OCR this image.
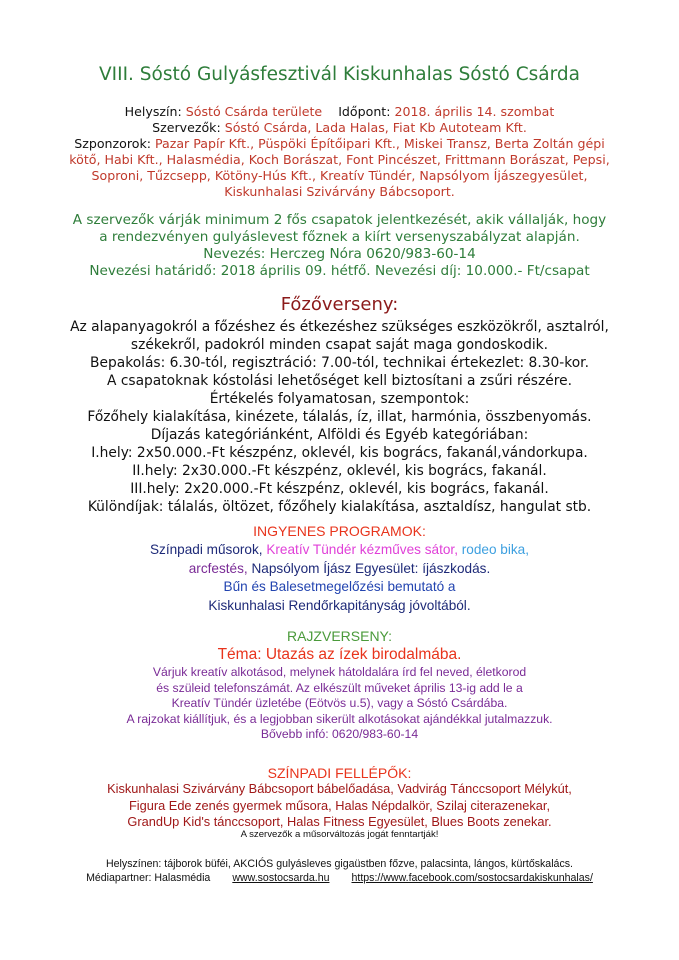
VIII. Sóstó Gulyásfesztivál Kiskunhalas Sóstó Csárda
Helyszín: Sóstó Csárda területe Időpont: 2018. április 14. szombat
Szervezők: Sóstó Csárda, Lada Halas, Fiat Kb Autoteam Kft.
Szponzorok: Pazar Papír Kft., Püspöki Építőipari Kft., Miskei Transz, Berta Zoltán gépi
kötő, Habi Kft., Halasmédia, Koch Borászat, Font Pincészet, Frittmann Borászat, Pepsi,
Soproni, Tűzcsepp, Kötöny-Hús Kft., Kreatív Tündér, Napsólyom Íjászegyesület,
Kiskunhalasi Szivárvány Bábcsoport.
A szervezők várják minimum 2 fős csapatok jelentkezését, akik vállalják, hogy
a rendezvényen gulyáslevest főznek a kiírt versenyszabályzat alapján.
Nevezés: Herczeg Nóra 0620/983-60-14
Nevezési határidő: 2018 április 09. hétfő. Nevezési díj: 10.000.- Ft/csapat
Főzőverseny:
Az alapanyagokról a főzéshez és étkezéshez szükséges eszközökről, asztalról,
székekről, padokról minden csapat saját maga gondoskodik.
Bepakolás: 6.30-tól, regisztráció: 7.00-tól, technikai értekezlet: 8.30-kor.
A csapatoknak kóstolási lehetőséget kell biztosítani a zsűri részére.
Értékelés folyamatosan, szempontok:
Főzőhely kialakítása, kinézete, tálalás, íz, illat, harmónia, összbenyomás.
Díjazás kategóriánként, Alföldi és Egyéb kategóriában:
I.hely: 2x50.000.-Ft készpénz, oklevél, kis bogrács, fakanál,vándorkupa.
II.hely: 2x30.000.-Ft készpénz, oklevél, kis bogrács, fakanál.
III.hely: 2x20.000.-Ft készpénz, oklevél, kis bogrács, fakanál.
Különdíjak: tálalás, öltözet, főzőhely kialakítása, asztaldísz, hangulat stb.
INGYENES PROGRAMOK:
Színpadi műsorok, Kreatív Tündér kézműves sátor, rodeo bika,
arcfestés, Napsólyom Íjász Egyesület: íjászkodás.
Bűn és Balesetmegelőzési bemutató a
Kiskunhalasi Rendőrkapitányság jóvoltából.
RAJZVERSENY:
Téma: Utazás az ízek birodalmába.
Várjuk kreatív alkotásod, melynek hátoldalára írd fel neved, életkorod
és szüleid telefonszámát. Az elkészült műveket április 13-ig add le a
Kreatív Tündér üzletébe (Eötvös u.5), vagy a Sóstó Csárdába.
A rajzokat kiállítjuk, és a legjobban sikerült alkotásokat ajándékkal jutalmazzuk.
Bővebb infó: 0620/983-60-14
SZÍNPADI FELLÉPŐK:
Kiskunhalasi Szivárvány Bábcsoport bábelőadása, Vadvirág Tánccsoport Mélykút,
Figura Ede zenés gyermek műsora, Halas Népdalkör, Szilaj citerazenekar,
GrandUp Kid's tánccsoport, Halas Fitness Egyesület, Blues Boots zenekar.
A szervezők a műsorváltozás jogát fenntartják!
Helyszínen: tájborok büféi, AKCIÓS gulyásleves gigaüstben főzve, palacsinta, lángos, kürtőskalács.
Médiapartner: Halasmédia www.sostocsarda.hu https://www.facebook.com/sostocsardakiskunhalas/
